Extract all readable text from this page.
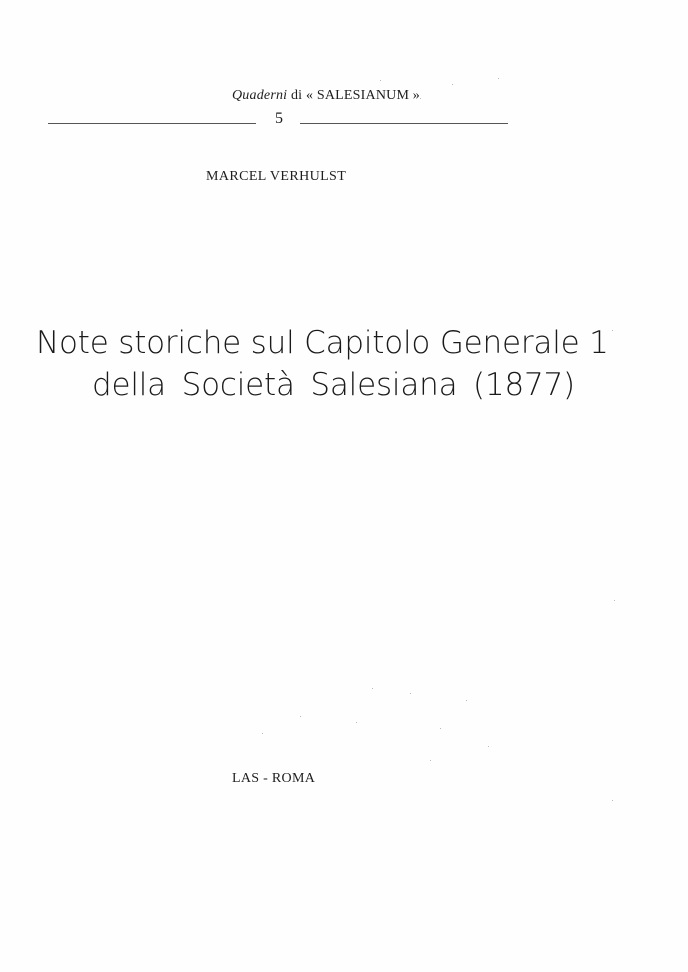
Quaderni di « SALESIANUM »
5
MARCEL VERHULST
Note storiche sul Capitolo Generale 1
della Società Salesiana (1877)
LAS - ROMA
